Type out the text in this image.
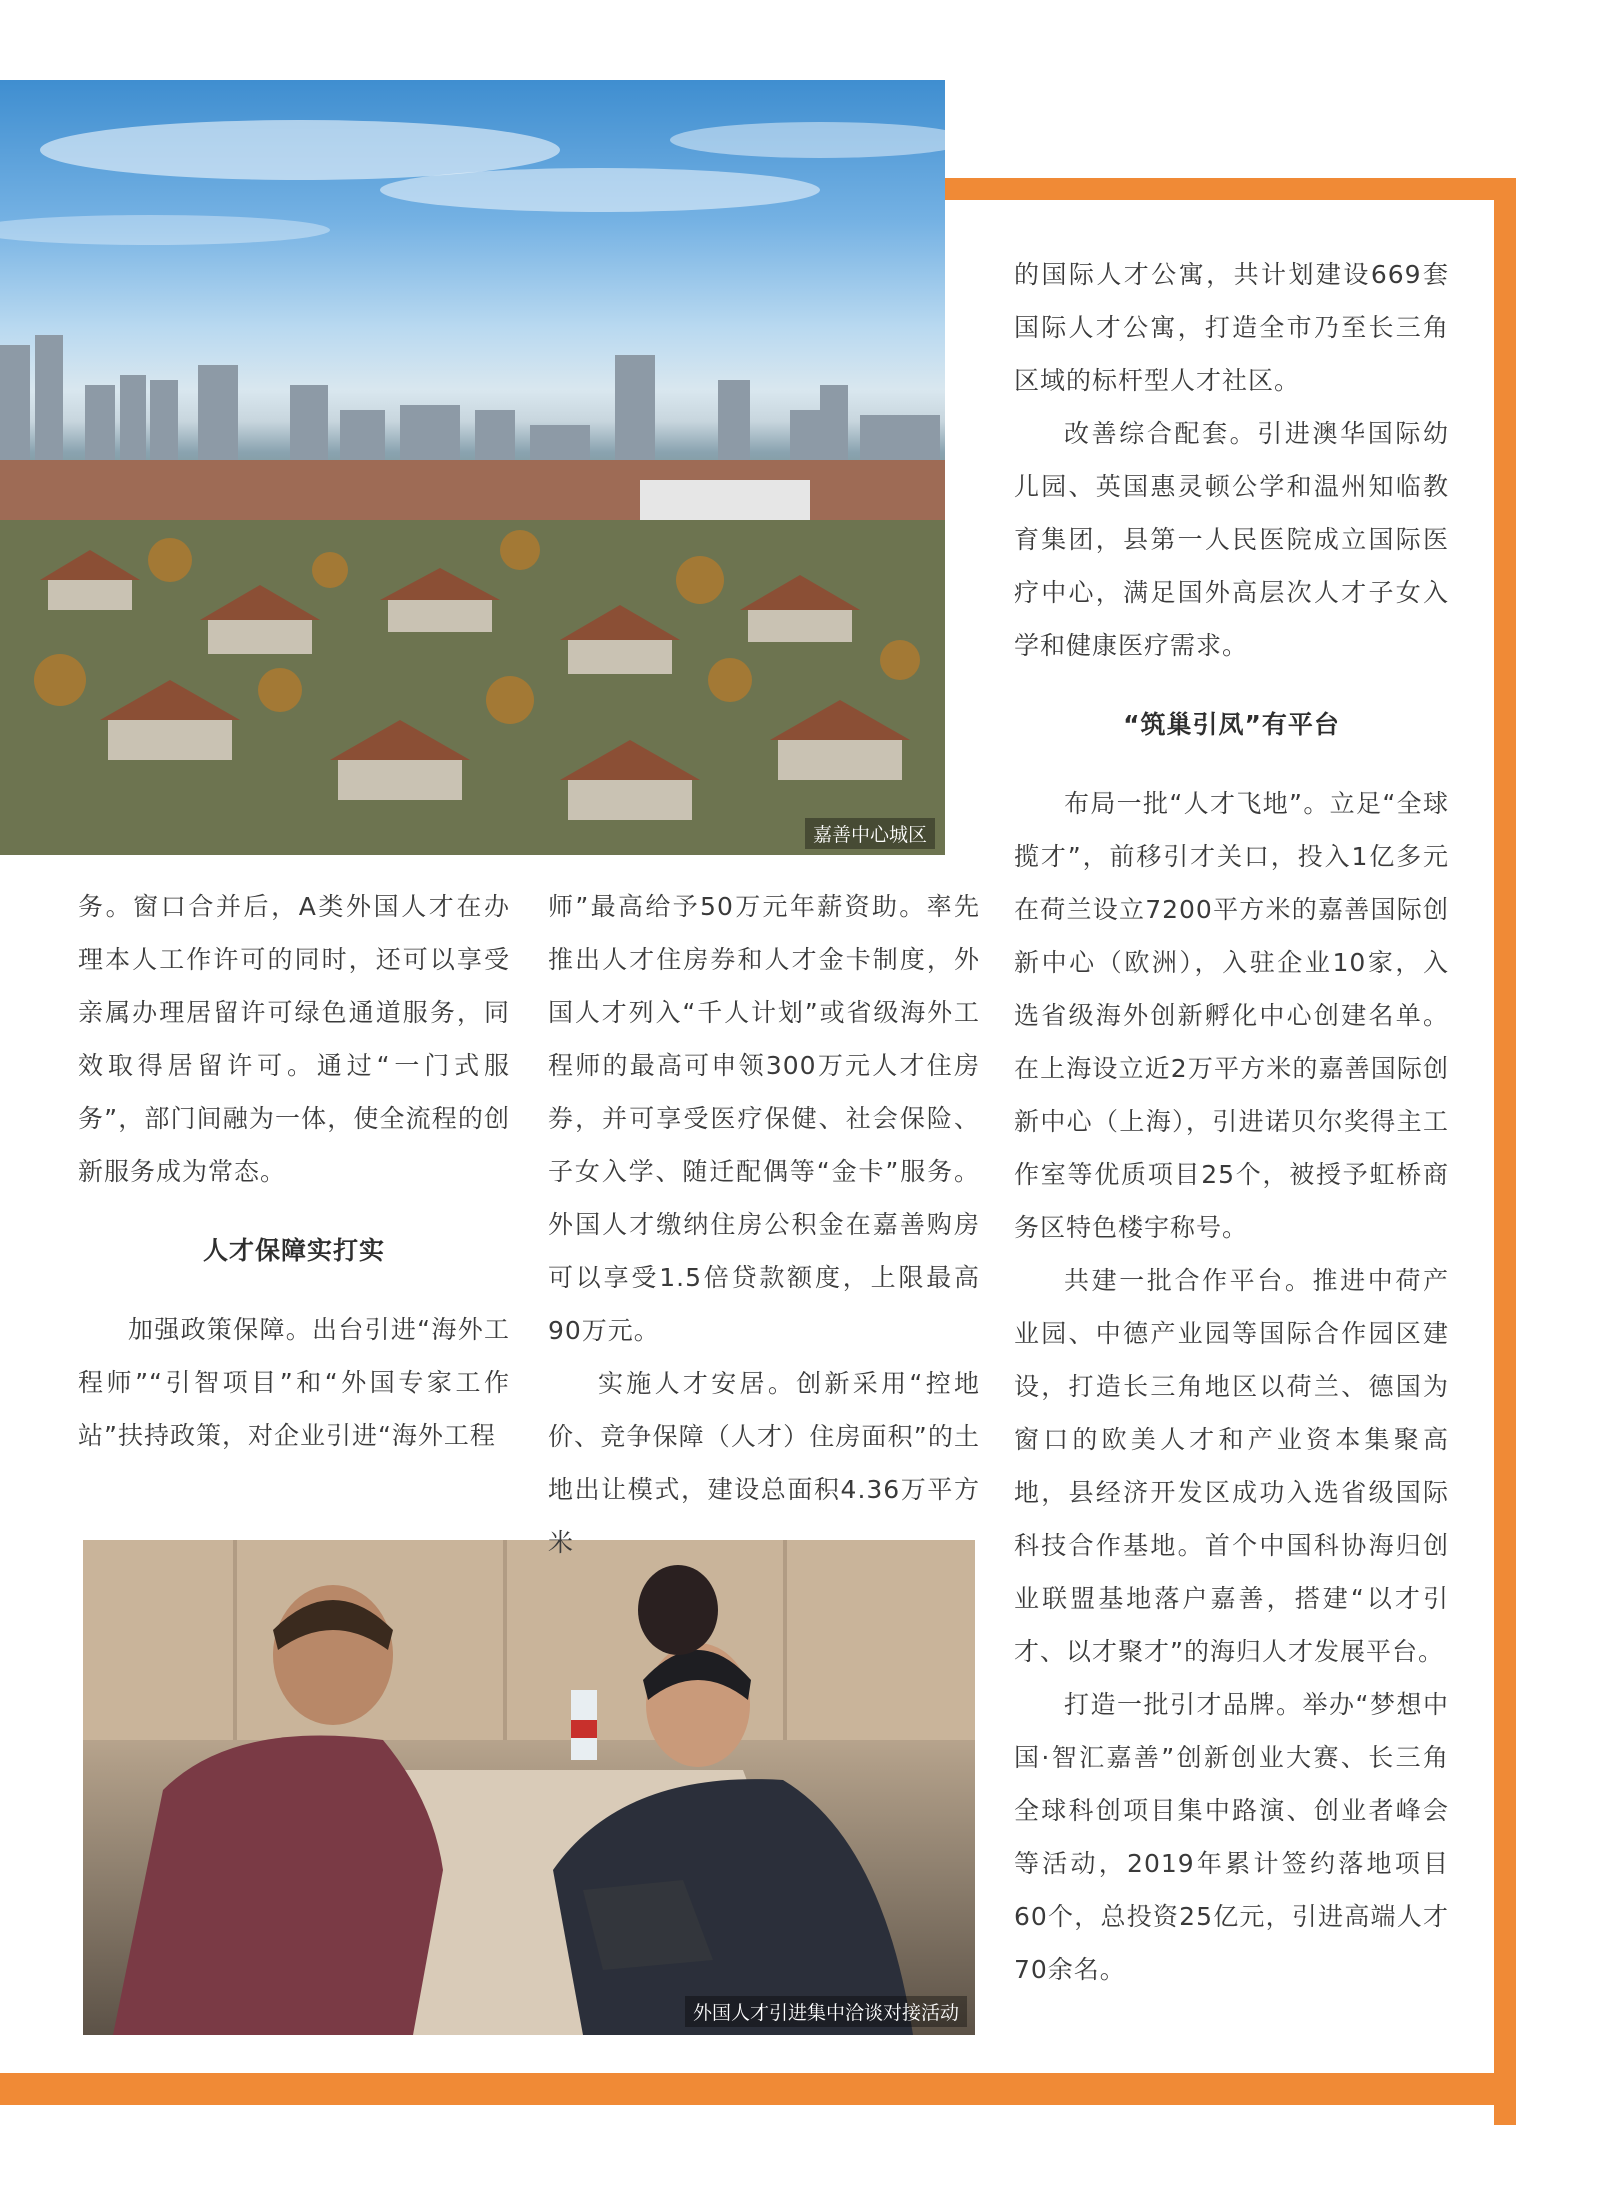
嘉善中心城区
外国人才引进集中洽谈对接活动

务。窗口合并后，A类外国人才在办理本人工作许可的同时，还可以享受亲属办理居留许可绿色通道服务，同效取得居留许可。通过“一门式服务”，部门间融为一体，使全流程的创新服务成为常态。

人才保障实打实

加强政策保障。出台引进“海外工程师”“引智项目”和“外国专家工作站”扶持政策，对企业引进“海外工程

师”最高给予50万元年薪资助。率先推出人才住房券和人才金卡制度，外国人才列入“千人计划”或省级海外工程师的最高可申领300万元人才住房券，并可享受医疗保健、社会保险、子女入学、随迁配偶等“金卡”服务。外国人才缴纳住房公积金在嘉善购房可以享受1.5倍贷款额度，上限最高90万元。

实施人才安居。创新采用“控地价、竞争保障（人才）住房面积”的土地出让模式，建设总面积4.36万平方米

的国际人才公寓，共计划建设669套国际人才公寓，打造全市乃至长三角区域的标杆型人才社区。

改善综合配套。引进澳华国际幼儿园、英国惠灵顿公学和温州知临教育集团，县第一人民医院成立国际医疗中心，满足国外高层次人才子女入学和健康医疗需求。

“筑巢引凤”有平台

布局一批“人才飞地”。立足“全球揽才”，前移引才关口，投入1亿多元在荷兰设立7200平方米的嘉善国际创新中心（欧洲），入驻企业10家，入选省级海外创新孵化中心创建名单。在上海设立近2万平方米的嘉善国际创新中心（上海），引进诺贝尔奖得主工作室等优质项目25个，被授予虹桥商务区特色楼宇称号。

共建一批合作平台。推进中荷产业园、中德产业园等国际合作园区建设，打造长三角地区以荷兰、德国为窗口的欧美人才和产业资本集聚高地，县经济开发区成功入选省级国际科技合作基地。首个中国科协海归创业联盟基地落户嘉善，搭建“以才引才、以才聚才”的海归人才发展平台。

打造一批引才品牌。举办“梦想中国·智汇嘉善”创新创业大赛、长三角全球科创项目集中路演、创业者峰会等活动，2019年累计签约落地项目60个，总投资25亿元，引进高端人才70余名。
